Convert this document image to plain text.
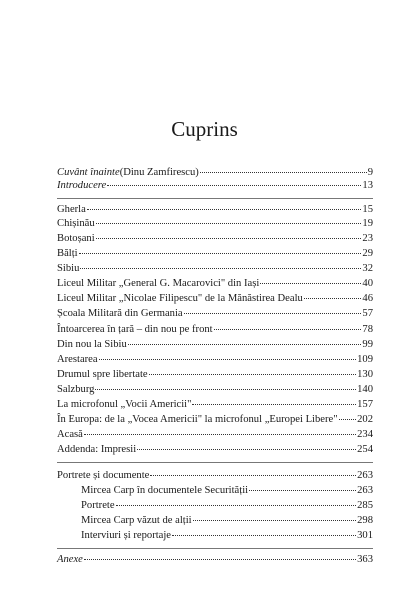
Cuprins
Cuvânt înainte (Dinu Zamfirescu)	9
Introducere	13
Gherla	15
Chișinău	19
Botoșani	23
Bălți	29
Sibiu	32
Liceul Militar „General G. Macarovici" din Iași	40
Liceul Militar „Nicolae Filipescu" de la Mănăstirea Dealu	46
Școala Militară din Germania	57
Întoarcerea în țară – din nou pe front	78
Din nou la Sibiu	99
Arestarea	109
Drumul spre libertate	130
Salzburg	140
La microfonul „Vocii Americii"	157
În Europa: de la „Vocea Americii" la microfonul „Europei Libere" 202
Acasă	234
Addenda: Impresii	254
Portrete și documente	263
Mircea Carp în documentele Securității	263
Portrete	285
Mircea Carp văzut de alții	298
Interviuri și reportaje	301
Anexe	363
